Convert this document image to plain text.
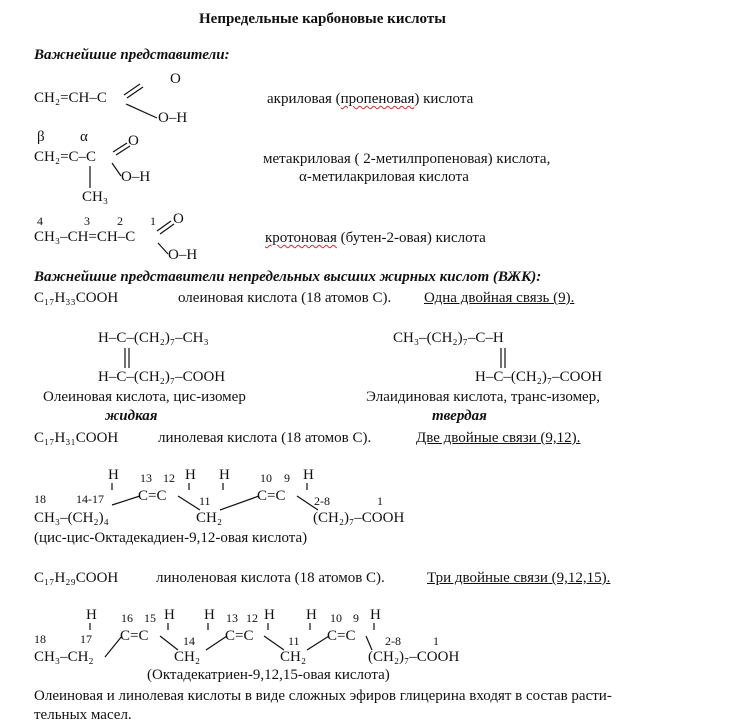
Непредельные карбоновые кислоты
Важнейшие представители:
O
CH₂=CH–C
O–H
акриловая (пропеновая) кислота
β α	O
CH₂=C–C
O–H
CH₃
метакриловая ( 2-метилпропеновая) кислота,
α-метилакриловая кислота
4	3 2 1 O
CH₃–CH=CH–C
O–H
кротоновая (бутен-2-овая) кислота
Важнейшие представители непредельных высших жирных кислот (ВЖК):
C₁₇H₃₃COOH	олеиновая кислота (18 атомов С). Одна двойная связь (9).
H–C–(CH₂)₇–CH₃
H–C–(CH₂)₇–COOH
Олеиновая кислота, цис-изомер
жидкая
CH₃–(CH₂)₇–C–H
H–C–(CH₂)₇–COOH
Элаидиновая кислота, транс-изомер,
твердая
C₁₇H₃₁COOH	линолевая кислота (18 атомов С).	Две двойные связи (9,12).
H 13 12 H H	10 9 H
18	14-17 C=C	11	C=C 2-8	1
CH₃–(CH₂)₄	CH₂	(CH₂)₇–COOH
(цис-цис-Октадекадиен-9,12-овая кислота)
C₁₇H₂₉COOH	линоленовая кислота (18 атомов С).	Три двойные связи (9,12,15).
H 16 15 H H 13 12 H H 10 9 H
18	17 C=C	14 C=C	11 C=C 2-8	1
CH₃–CH₂	CH₂	CH₂	(CH₂)₇–COOH
(Октадекатриен-9,12,15-овая кислота)
Олеиновая и линолевая кислоты в виде сложных эфиров глицерина входят в состав расти-
тельных масел.
